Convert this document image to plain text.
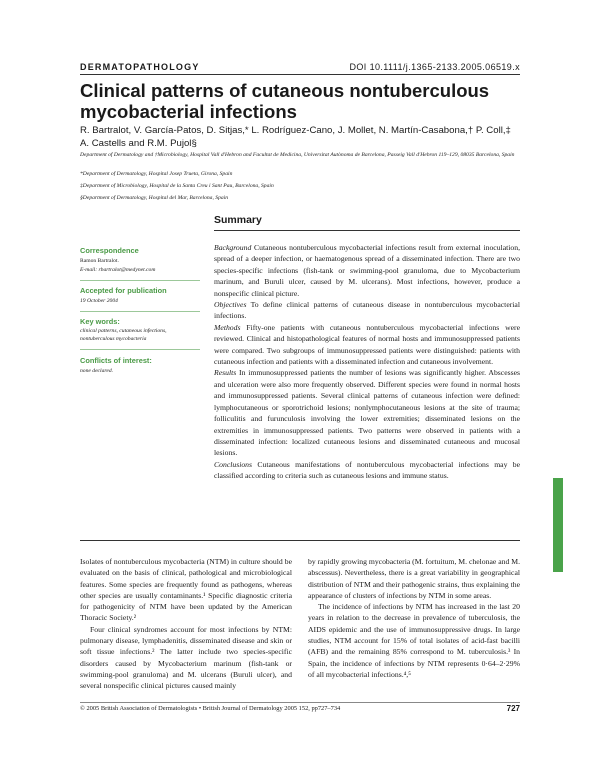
DERMATOPATHOLOGY	DOI 10.1111/j.1365-2133.2005.06519.x
Clinical patterns of cutaneous nontuberculous mycobacterial infections
R. Bartralot, V. García-Patos, D. Sitjas,* L. Rodríguez-Cano, J. Mollet, N. Martín-Casabona,† P. Coll,‡ A. Castells and R.M. Pujol§
Department of Dermatology and †Microbiology, Hospital Vall d'Hebron and Facultat de Medicina, Universitat Autònoma de Barcelona, Passeig Vall d'Hebron 119–129, 08035 Barcelona, Spain
*Department of Dermatology, Hospital Josep Trueta, Girona, Spain
‡Department of Microbiology, Hospital de la Santa Creu i Sant Pau, Barcelona, Spain
§Department of Dermatology, Hospital del Mar, Barcelona, Spain
Summary
Correspondence
Ramon Bartralot.
E-mail: rbartralot@medynet.com
Accepted for publication
19 October 2004
Key words:
clinical patterns, cutaneous infections, nontuberculous mycobacteria
Conflicts of interest:
none declared.

Background Cutaneous nontuberculous mycobacterial infections result from external inoculation, spread of a deeper infection, or haematogenous spread of a disseminated infection. There are two species-specific infections (fish-tank or swimming-pool granuloma, due to Mycobacterium marinum, and Buruli ulcer, caused by M. ulcerans). Most infections, however, produce a nonspecific clinical picture.

Objectives To define clinical patterns of cutaneous disease in nontuberculous mycobacterial infections.

Methods Fifty-one patients with cutaneous nontuberculous mycobacterial infections were reviewed. Clinical and histopathological features of normal hosts and immunosuppressed patients were compared. Two subgroups of immunosuppressed patients were distinguished: patients with cutaneous infection and patients with a disseminated infection and cutaneous involvement.

Results In immunosuppressed patients the number of lesions was significantly higher. Abscesses and ulceration were also more frequently observed. Different species were found in normal hosts and immunosuppressed patients. Several clinical patterns of cutaneous infection were defined: lymphocutaneous or sporotrichoid lesions; nonlymphocutaneous lesions at the site of trauma; folliculitis and furunculosis involving the lower extremities; disseminated lesions on the extremities in immunosuppressed patients. Two patterns were observed in patients with a disseminated infection: localized cutaneous lesions and disseminated cutaneous and mucosal lesions.

Conclusions Cutaneous manifestations of nontuberculous mycobacterial infections may be classified according to criteria such as cutaneous lesions and immune status.

Isolates of nontuberculous mycobacteria (NTM) in culture should be evaluated on the basis of clinical, pathological and microbiological features. Some species are frequently found as pathogens, whereas other species are usually contaminants.¹ Specific diagnostic criteria for pathogenicity of NTM have been updated by the American Thoracic Society.²

Four clinical syndromes account for most infections by NTM: pulmonary disease, lymphadenitis, disseminated disease and skin or soft tissue infections.² The latter include two species-specific disorders caused by Mycobacterium marinum (fish-tank or swimming-pool granuloma) and M. ulcerans (Buruli ulcer), and several nonspecific clinical pictures caused mainly

by rapidly growing mycobacteria (M. fortuitum, M. chelonae and M. abscessus). Nevertheless, there is a great variability in geographical distribution of NTM and their pathogenic strains, thus explaining the appearance of clusters of infections by NTM in some areas.

The incidence of infections by NTM has increased in the last 20 years in relation to the decrease in prevalence of tuberculosis, the AIDS epidemic and the use of immunosuppressive drugs. In large studies, NTM account for 15% of total isolates of acid-fast bacilli (AFB) and the remaining 85% correspond to M. tuberculosis.³ In Spain, the incidence of infections by NTM represents 0·64–2·29% of all mycobacterial infections.⁴,⁵

© 2005 British Association of Dermatologists • British Journal of Dermatology 2005 152, pp727–734	727
